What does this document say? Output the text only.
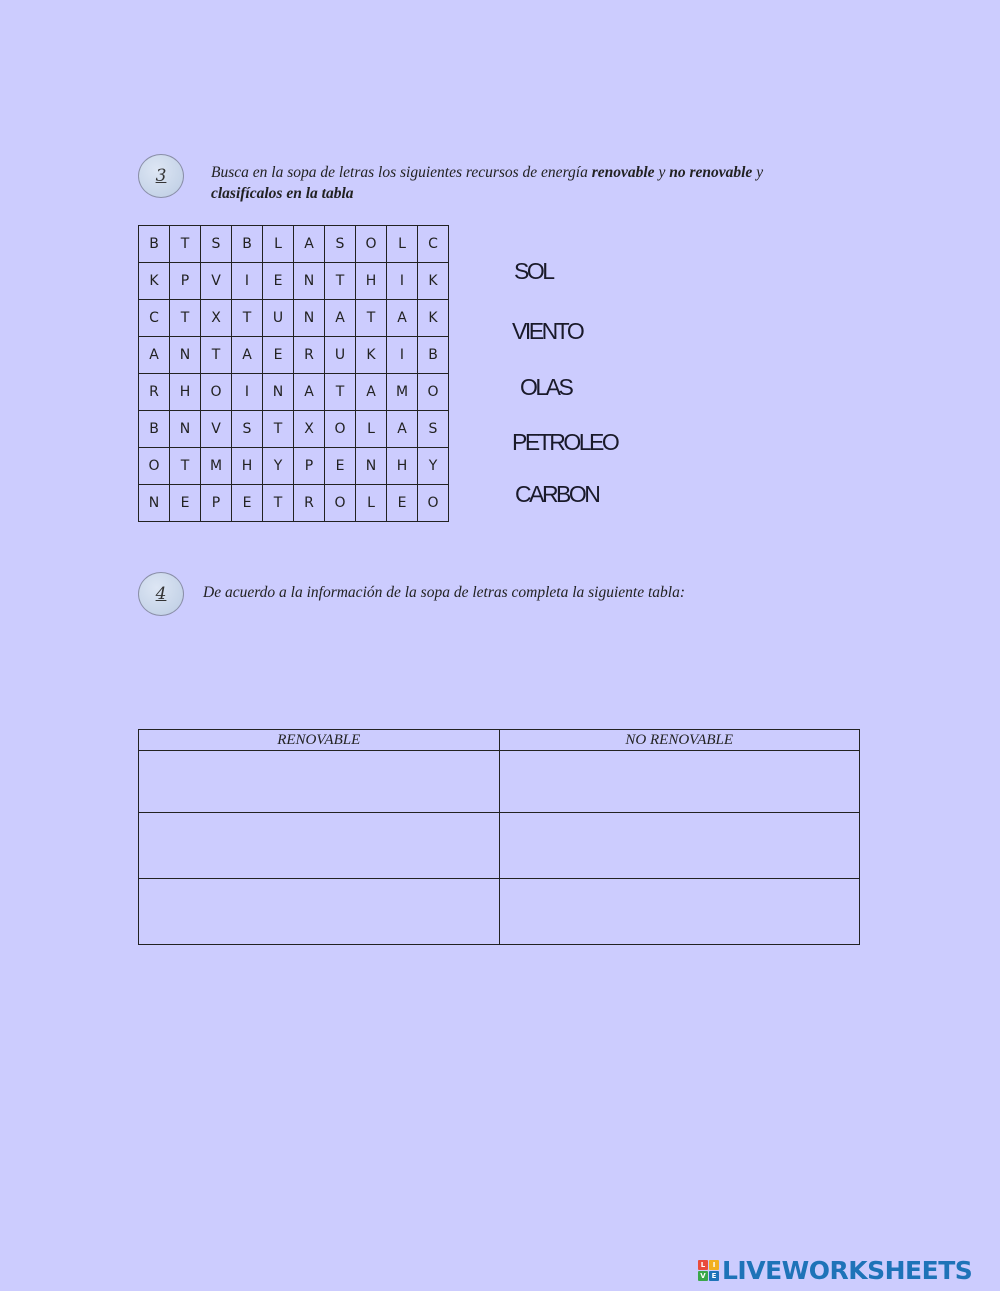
3	Busca en la sopa de letras los siguientes recursos de energía renovable y no renovable y
clasifícalos en la tabla
B	T	S	B	L	A	S	O	L	C
K	P	V	I	E	N	T	H	I	K
C	T	X	T	U	N	A	T	A	K
A	N	T	A	E	R	U	K	I	B
R	H	O	I	N	A	T	A	M	O
B	N	V	S	T	X	O	L	A	S
O	T	M	H	Y	P	E	N	H	Y
N	E	P	E	T	R	O	L	E	O
SOL
VIENTO
OLAS
PETROLEO
CARBON
4 De acuerdo a la información de la sopa de letras completa la siguiente tabla:
RENOVABLE	NO RENOVABLE

L	I
V E LIVEWORKSHEETS
